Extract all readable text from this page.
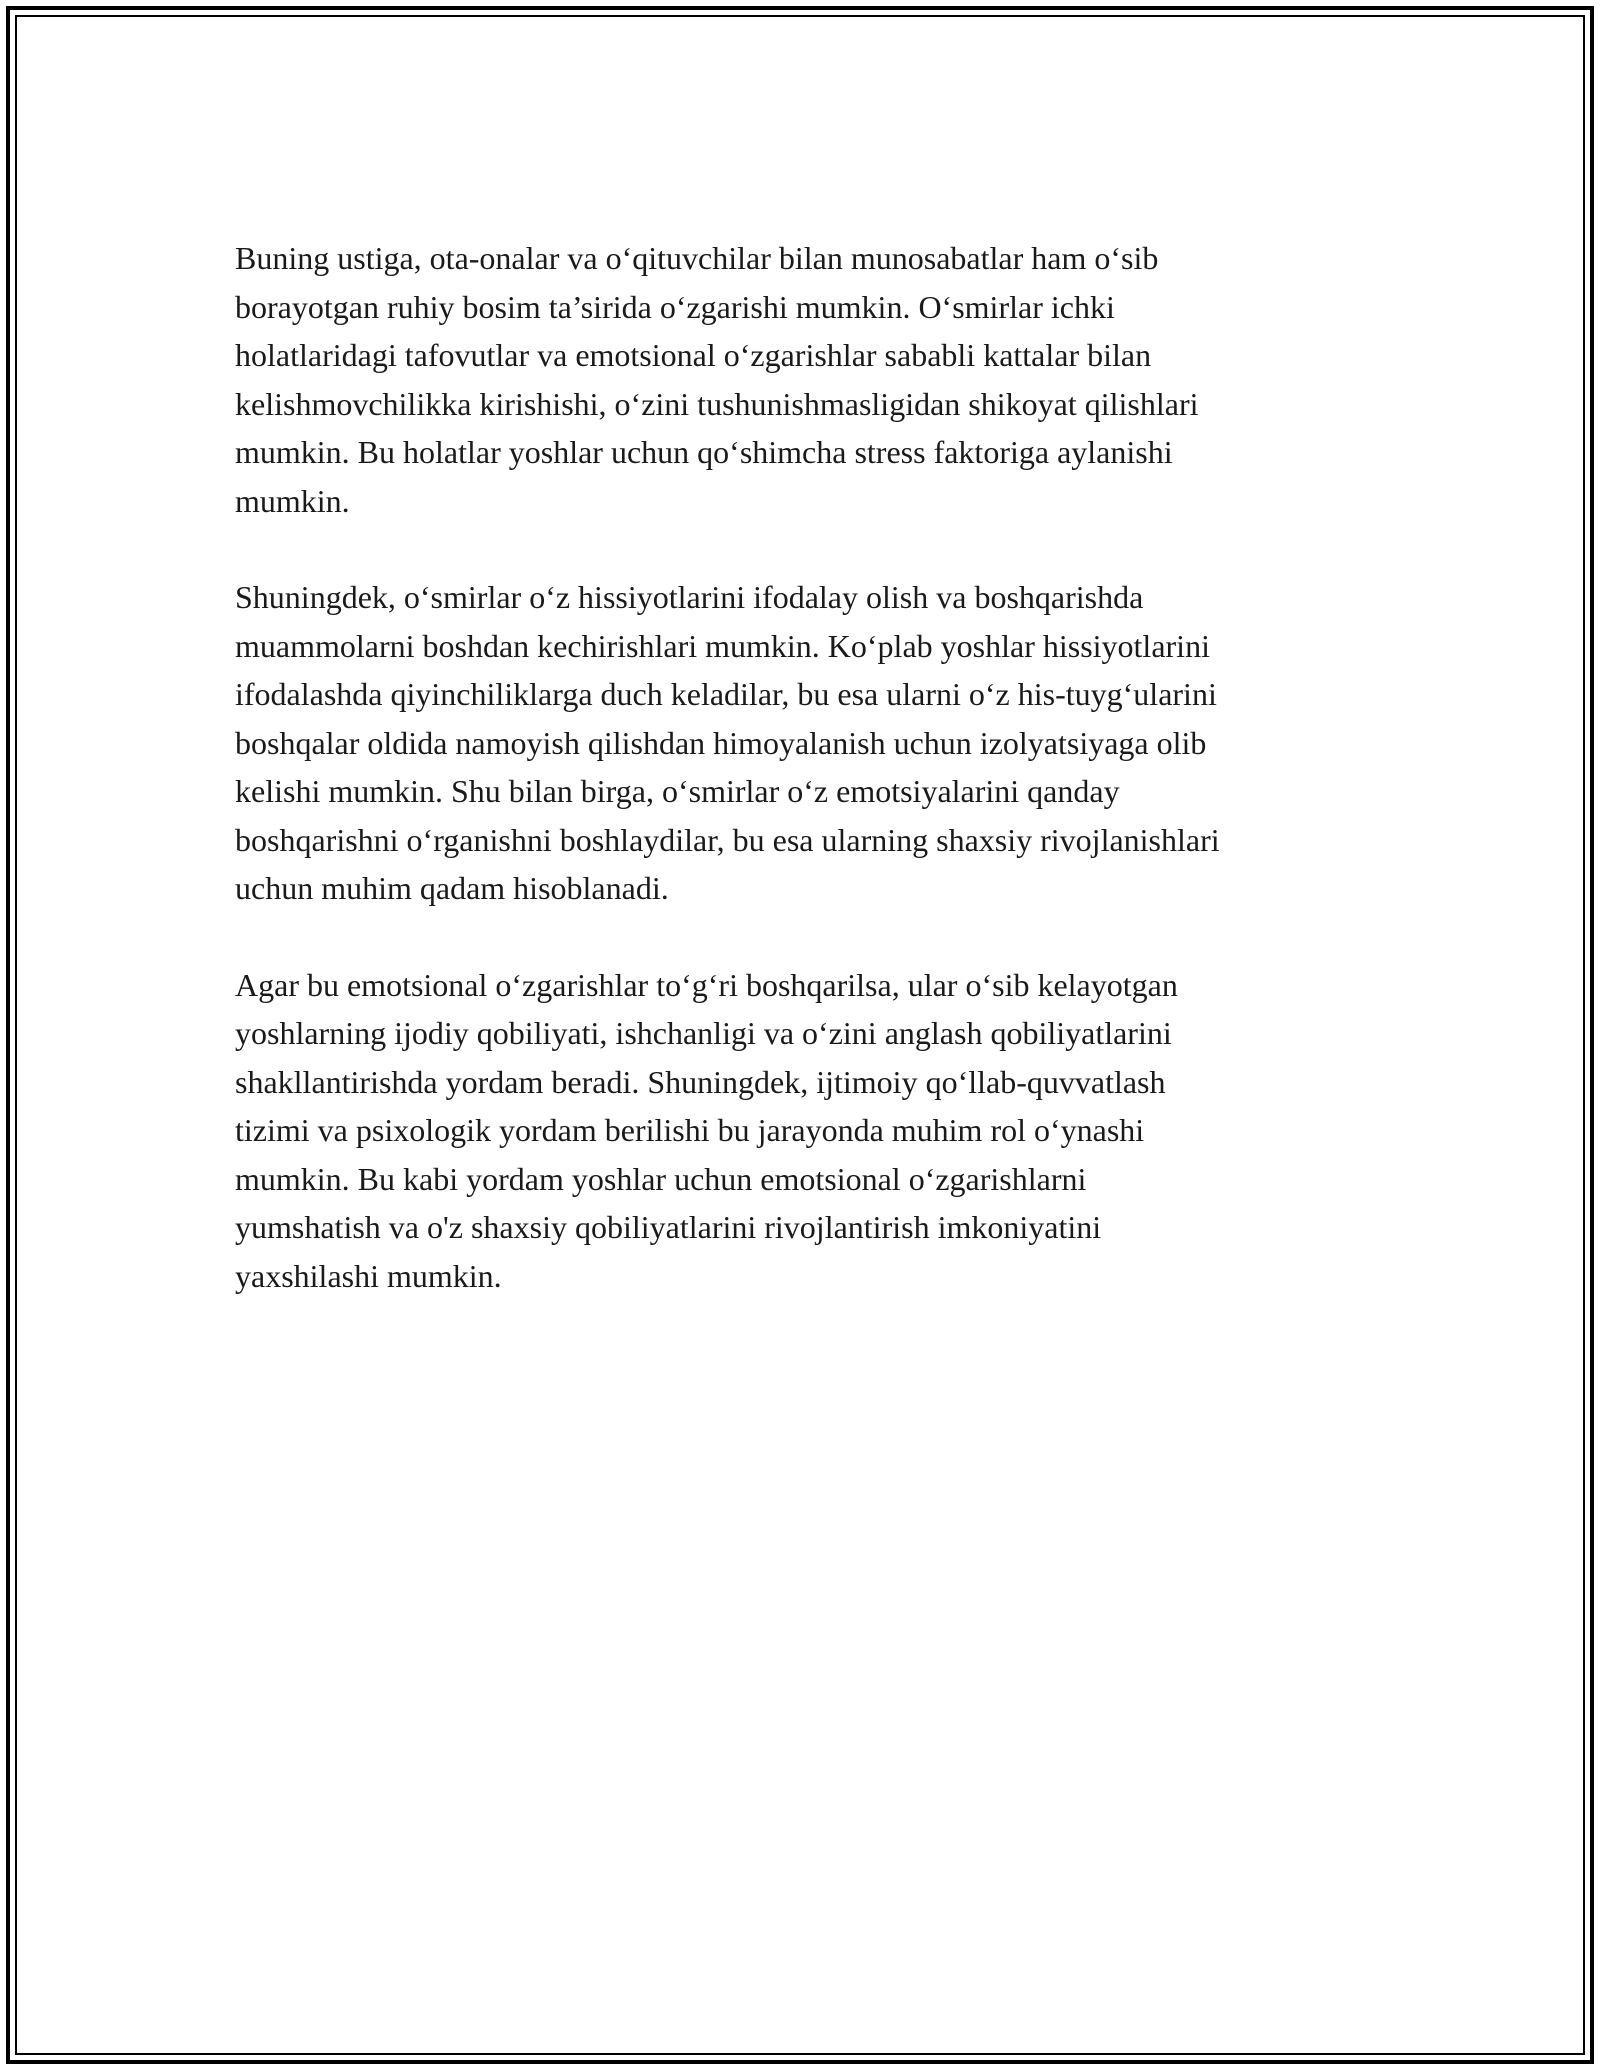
Buning ustiga, ota-onalar va o‘qituvchilar bilan munosabatlar ham o‘sib
borayotgan ruhiy bosim ta’sirida o‘zgarishi mumkin. O‘smirlar ichki
holatlaridagi tafovutlar va emotsional o‘zgarishlar sababli kattalar bilan
kelishmovchilikka kirishishi, o‘zini tushunishmasligidan shikoyat qilishlari
mumkin. Bu holatlar yoshlar uchun qo‘shimcha stress faktoriga aylanishi
mumkin.

Shuningdek, o‘smirlar o‘z hissiyotlarini ifodalay olish va boshqarishda
muammolarni boshdan kechirishlari mumkin. Ko‘plab yoshlar hissiyotlarini
ifodalashda qiyinchiliklarga duch keladilar, bu esa ularni o‘z his-tuyg‘ularini
boshqalar oldida namoyish qilishdan himoyalanish uchun izolyatsiyaga olib
kelishi mumkin. Shu bilan birga, o‘smirlar o‘z emotsiyalarini qanday
boshqarishni o‘rganishni boshlaydilar, bu esa ularning shaxsiy rivojlanishlari
uchun muhim qadam hisoblanadi.

Agar bu emotsional o‘zgarishlar to‘g‘ri boshqarilsa, ular o‘sib kelayotgan
yoshlarning ijodiy qobiliyati, ishchanligi va o‘zini anglash qobiliyatlarini
shakllantirishda yordam beradi. Shuningdek, ijtimoiy qo‘llab-quvvatlash
tizimi va psixologik yordam berilishi bu jarayonda muhim rol o‘ynashi
mumkin. Bu kabi yordam yoshlar uchun emotsional o‘zgarishlarni
yumshatish va o'z shaxsiy qobiliyatlarini rivojlantirish imkoniyatini
yaxshilashi mumkin.
